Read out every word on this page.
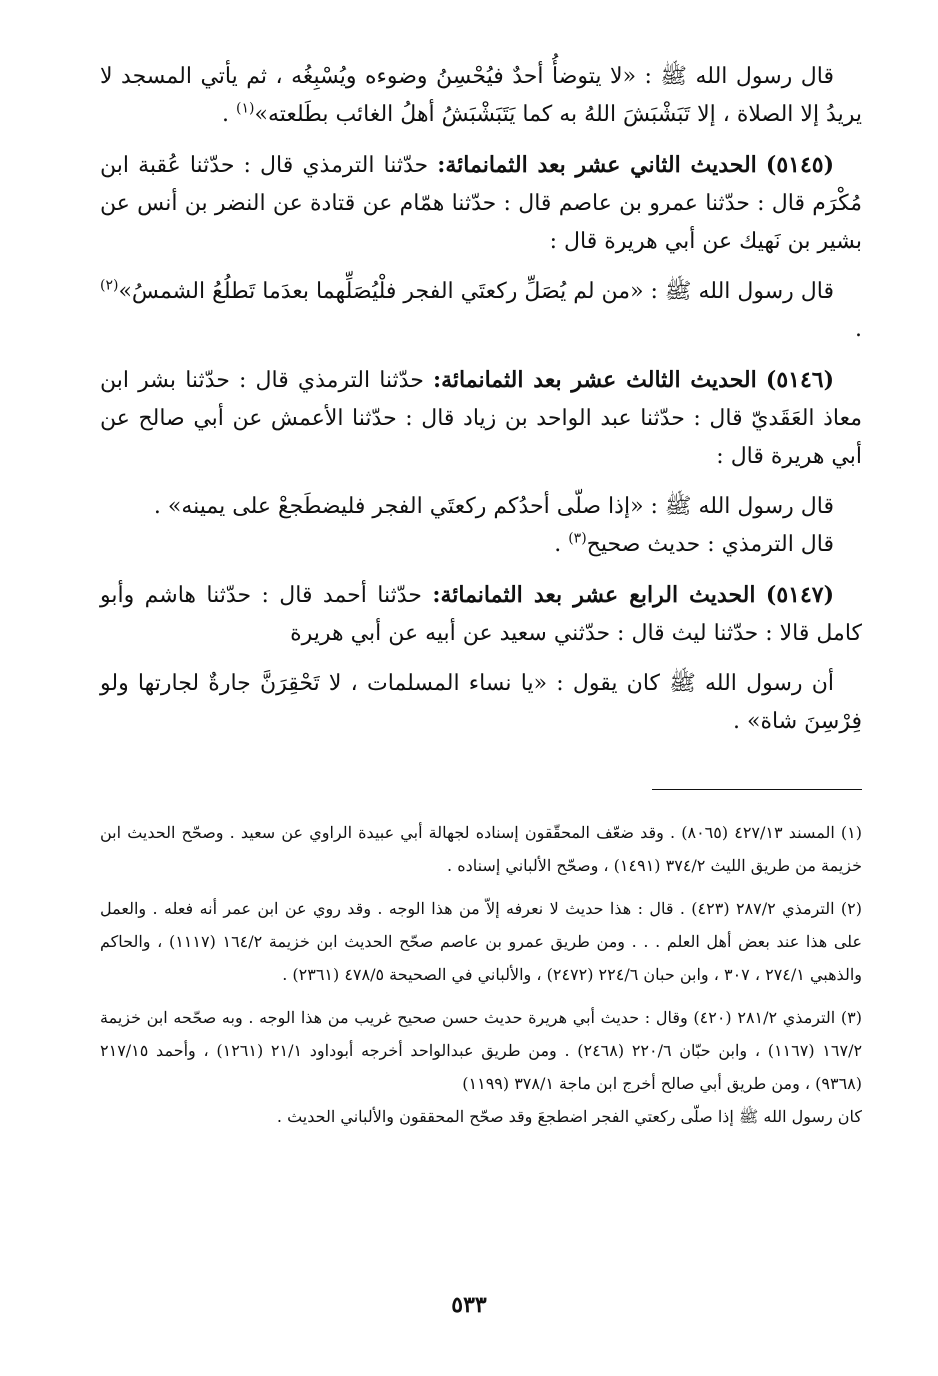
قال رسول الله ﷺ : «لا يتوضأُ أحدٌ فيُحْسِنُ وضوءه ويُسْبِغُه ، ثم يأتي المسجد لا يريدُ إلا الصلاة ، إلا تَبَشْبَشَ اللهُ به كما يَتَبَشْبَشُ أهلُ الغائب بطَلعته»$^{(١)}$ .

(٥١٤٥) الحديث الثاني عشر بعد الثمانمائة: حدّثنا الترمذي قال : حدّثنا عُقبة ابن مُكْرَم قال : حدّثنا عمرو بن عاصم قال : حدّثنا همّام عن قتادة عن النضر بن أنس عن بشير بن نَهيك عن أبي هريرة قال :

قال رسول الله ﷺ : «من لم يُصَلِّ ركعتَي الفجر فلْيُصَلِّهما بعدَما تَطلُعُ الشمسُ»$^{(٢)}$ .

(٥١٤٦) الحديث الثالث عشر بعد الثمانمائة: حدّثنا الترمذي قال : حدّثنا بشر ابن معاذ العَقَديّ قال : حدّثنا عبد الواحد بن زياد قال : حدّثنا الأعمش عن أبي صالح عن أبي هريرة قال :

قال رسول الله ﷺ : «إذا صلّى أحدُكم ركعتَي الفجر فليضطَجعْ على يمينه» .

قال الترمذي : حديث صحيح$^{(٣)}$ .

(٥١٤٧) الحديث الرابع عشر بعد الثمانمائة: حدّثنا أحمد قال : حدّثنا هاشم وأبو كامل قالا : حدّثنا ليث قال : حدّثني سعيد عن أبيه عن أبي هريرة

أن رسول الله ﷺ كان يقول : «يا نساء المسلمات ، لا تَحْقِرَنَّ جارةٌ لجارتها ولو فِرْسِنَ شاة» .

(١) المسند ٤٢٧/١٣ (٨٠٦٥) . وقد ضعّف المحقّقون إسناده لجهالة أبي عبيدة الراوي عن سعيد . وصحّح الحديث ابن خزيمة من طريق الليث ٣٧٤/٢ (١٤٩١) ، وصحّح الألباني إسناده .

(٢) الترمذي ٢٨٧/٢ (٤٢٣) . قال : هذا حديث لا نعرفه إلاّ من هذا الوجه . وقد روي عن ابن عمر أنه فعله . والعمل على هذا عند بعض أهل العلم . . . ومن طريق عمرو بن عاصم صحّح الحديث ابن خزيمة ١٦٤/٢ (١١١٧) ، والحاكم والذهبي ٢٧٤/١ ، ٣٠٧ ، وابن حبان ٢٢٤/٦ (٢٤٧٢) ، والألباني في الصحيحة ٤٧٨/٥ (٢٣٦١) .

(٣) الترمذي ٢٨١/٢ (٤٢٠) وقال : حديث أبي هريرة حديث حسن صحيح غريب من هذا الوجه . وبه صحّحه ابن خزيمة ١٦٧/٢ (١١٦٧) ، وابن حبّان ٢٢٠/٦ (٢٤٦٨) . ومن طريق عبدالواحد أخرجه أبوداود ٢١/١ (١٢٦١) ، وأحمد ٢١٧/١٥ (٩٣٦٨) ، ومن طريق أبي صالح أخرج ابن ماجة ٣٧٨/١ (١١٩٩)

كان رسول الله ﷺ إذا صلّى ركعتي الفجر اضطجعَ وقد صحّح المحققون والألباني الحديث .

٥٣٣
